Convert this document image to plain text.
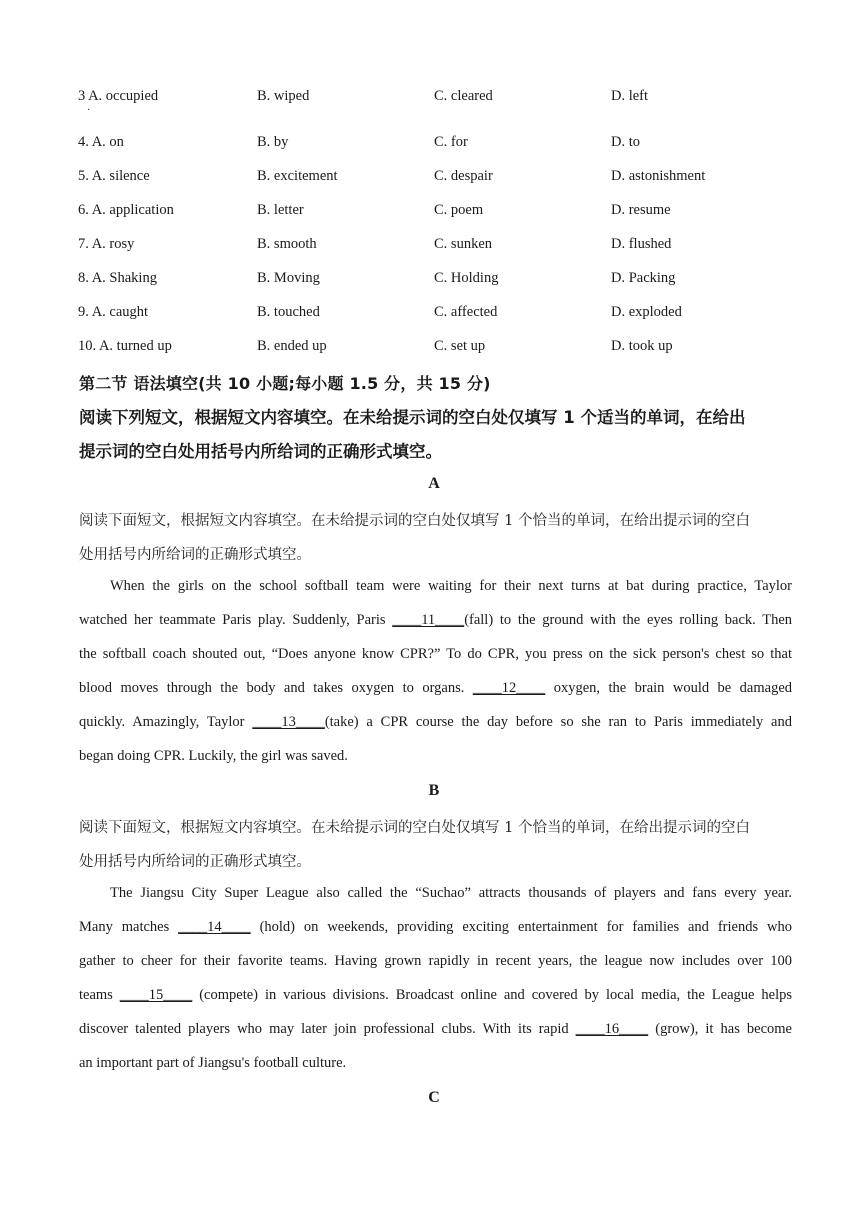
3 A. occupied	B. wiped	C. cleared	D. left
4. A. on	B. by	C. for	D. to
5. A. silence	B. excitement	C. despair	D. astonishment
6. A. application	B. letter	C. poem	D. resume
7. A. rosy	B. smooth	C. sunken	D. flushed
8. A. Shaking	B. Moving	C. Holding	D. Packing
9. A. caught	B. touched	C. affected	D. exploded
10. A. turned up	B. ended up	C. set up	D. took up
·
第二节 语法填空(共 10 小题;每小题 1.5 分，共 15 分)
阅读下列短文，根据短文内容填空。在未给提示词的空白处仅填写 1 个适当的单词，在给出
提示词的空白处用括号内所给词的正确形式填空。
A
阅读下面短文，根据短文内容填空。在未给提示词的空白处仅填写 1 个恰当的单词，在给出提示词的空白
处用括号内所给词的正确形式填空。
When the girls on the school softball team were waiting for their next turns at bat during practice, Taylor
watched her teammate Paris play. Suddenly, Paris ____11____(fall) to the ground with the eyes rolling back. Then
the softball coach shouted out, “Does anyone know CPR?” To do CPR, you press on the sick person's chest so that
blood moves through the body and takes oxygen to organs. ____12____ oxygen, the brain would be damaged
quickly. Amazingly, Taylor ____13____(take) a CPR course the day before so she ran to Paris immediately and
began doing CPR. Luckily, the girl was saved.
B
阅读下面短文，根据短文内容填空。在未给提示词的空白处仅填写 1 个恰当的单词，在给出提示词的空白
处用括号内所给词的正确形式填空。
The Jiangsu City Super League also called the “Suchao” attracts thousands of players and fans every year.
Many matches ____14____ (hold) on weekends, providing exciting entertainment for families and friends who
gather to cheer for their favorite teams. Having grown rapidly in recent years, the league now includes over 100
teams ____15____ (compete) in various divisions. Broadcast online and covered by local media, the League helps
discover talented players who may later join professional clubs. With its rapid ____16____ (grow), it has become
an important part of Jiangsu's football culture.
C
